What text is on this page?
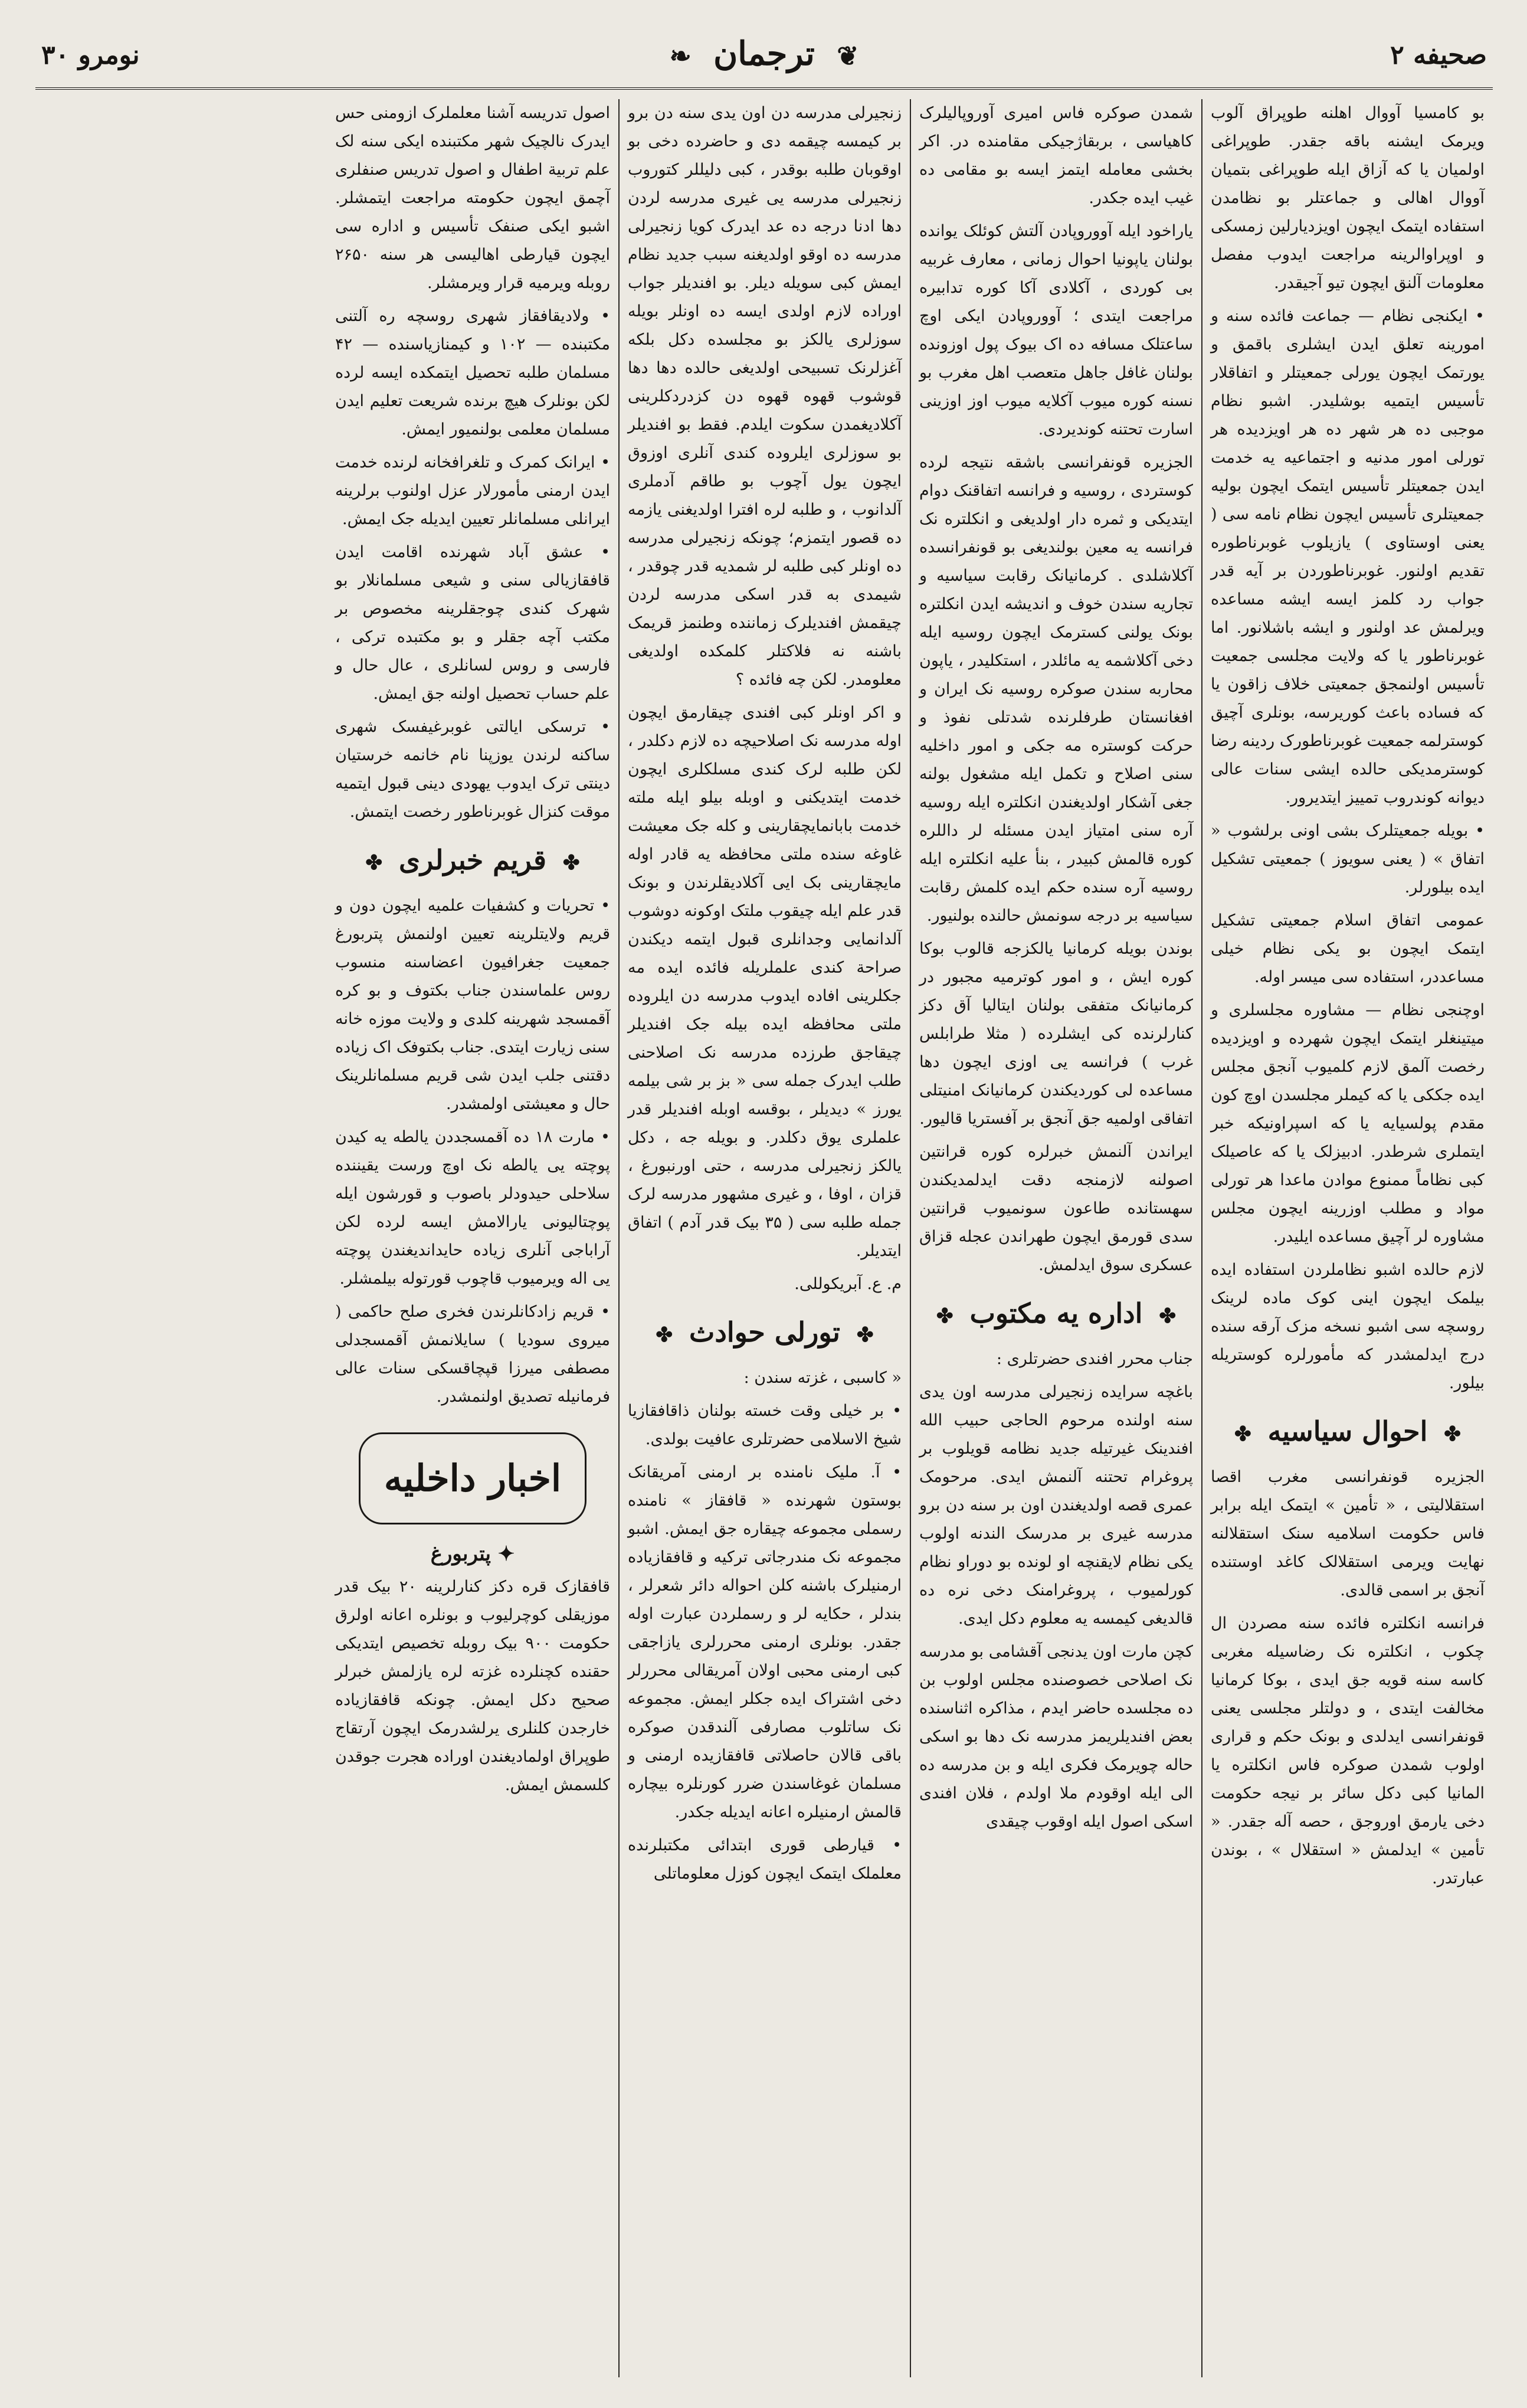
صحیفه ۲
❦ ترجمان ❧
نومرو ۳۰

بو کامسیا آووال اهلنه طوپراق آلوب ویرمک ایشنه باقه جقدر. طوپراغی اولمیان یا که آزاق ایله طوپراغی بتمیان آووال اهالی و جماعتلر بو نظامدن استفاده ایتمک ایچون اویزدیارلین زمسکی و اوپراوالرینه مراجعت ایدوب مفصل معلومات آلنق ایچون تیو آجیقدر.

• ایکنجی نظام — جماعت فائده سنه و امورینه تعلق ایدن ایشلری باقمق و یورتمک ایچون یورلی جمعیتلر و اتفاقلار تأسیس ایتمیه بوشلیدر. اشبو نظام موجبی ده هر شهر ده هر اویزدیده هر تورلی امور مدنیه و اجتماعیه یه خدمت ایدن جمعیتلر تأسیس ایتمک ایچون بولیه جمعیتلری تأسیس ایچون نظام نامه سی ( یعنی اوستاوی ) یازیلوب غوبرناطوره تقدیم اولنور. غوبرناطوردن بر آیه قدر جواب رد کلمز ایسه ایشه مساعده ویرلمش عد اولنور و ایشه باشلانور. اما غوبرناطور یا که ولایت مجلسی جمعیت تأسیس اولنمجق جمعیتی خلاف زاقون یا که فساده باعث کوریرسه، بونلری آچیق کوسترلمه جمعیت غوبرناطورک ردینه رضا کوسترمدیکی حالده ایشی سنات عالی دیوانه کوندروب تمییز ایتدیرور.

• بویله جمعیتلرک بشی اونی برلشوب « اتفاق » ( یعنی سویوز ) جمعیتی تشکیل ایده بیلورلر.

عمومی اتفاق اسلام جمعیتی تشکیل ایتمک ایچون بو یکی نظام خیلی مساعددر، استفاده سی میسر اوله.

اوچنجی نظام — مشاوره مجلسلری و میتینغلر ایتمک ایچون شهرده و اویزدیده رخصت آلمق لازم کلمیوب آنجق مجلس ایده جککی یا که کیملر مجلسدن اوچ کون مقدم پولسیایه یا که اسپراونیکه خبر ایتملری شرطدر. ادبیزلک یا که عاصیلک کبی نظاماً ممنوع موادن ماعدا هر تورلی مواد و مطلب اوزرینه ایچون مجلس مشاوره لر آچیق مساعده ایلیدر.

لازم حالده اشبو نظاملردن استفاده ایده بیلمک ایچون اینی کوک ماده لرینک روسچه سی اشبو نسخه مزک آرقه سنده درج ایدلمشدر که مأمورلره کوستریله بیلور.

✤ احوال سیاسیه ✤

الجزیره قونفرانسی مغرب اقصا استقلالیتی ، « تأمین » ایتمک ایله برابر فاس حکومت اسلامیه سنک استقلالنه نهایت ویرمی استقلالک کاغد اوستنده آنجق بر اسمی قالدی.

فرانسه انکلتره فائده سنه مصردن ال چکوب ، انکلتره نک رضاسیله مغربی کاسه سنه قویه جق ایدی ، بوکا کرمانیا مخالفت ایتدی ، و دولتلر مجلسی یعنی قونفرانسی ایدلدی و بونک حکم و قراری اولوب شمدن صوکره فاس انکلتره یا المانیا کبی دکل سائر بر نیجه حکومت دخی یارمق اوروجق ، حصه آله جقدر. « تأمین » ایدلمش « استقلال » ، بوندن عبارتدر.

شمدن صوکره فاس امیری آوروپالیلرک کاهیاسی ، بربقاژجیکی مقامنده در. اکر بخشی معامله ایتمز ایسه بو مقامی ده غیب ایده جکدر.

یاراخود ایله آووروپادن آلتش کوئلک یوانده بولنان یاپونیا احوال زمانی ، معارف غربیه بی کوردی ، آکلادی آکا کوره تدابیره مراجعت ایتدی ؛ آووروپادن ایکی اوچ ساعتلک مسافه ده اک بیوک پول اوزونده بولنان غافل جاهل متعصب اهل مغرب بو نسنه کوره میوب آکلایه میوب اوز اوزینی اسارت تحتنه کوندیردی.

الجزیره قونفرانسی باشقه نتیجه لرده کوستردی ، روسیه و فرانسه اتفاقنک دوام ایتدیکی و ثمره دار اولدیغی و انکلتره نک فرانسه یه معین بولندیغی بو قونفرانسده آکلاشلدی . کرمانیانک رقابت سیاسیه و تجاریه سندن خوف و اندیشه ایدن انکلتره بونک یولنی کسترمک ایچون روسیه ایله دخی آکلاشمه یه مائلدر ، استکلیدر ، یاپون محاربه سندن صوکره روسیه نک ایران و افغانستان طرفلرنده شدتلی نفوذ و حرکت کوستره مه جکی و امور داخلیه سنی اصلاح و تکمل ایله مشغول بولنه جغی آشکار اولدیغندن انکلتره ایله روسیه آره سنی امتیاز ایدن مسئله لر داللره کوره قالمش کبیدر ، بنأ علیه انکلتره ایله روسیه آره سنده حکم ایده کلمش رقابت سیاسیه بر درجه سونمش حالنده بولنیور.

بوندن بویله کرمانیا یالکزجه قالوب بوکا کوره ایش ، و امور کوترمیه مجبور در کرمانیانک متفقی بولنان ایتالیا آق دکز کنارلرنده کی ایشلرده ( مثلا طرابلس غرب ) فرانسه یی اوزی ایچون دها مساعده لی کوردیکندن کرمانیانک امنیتلی اتفاقی اولمیه جق آنجق بر آفستریا قالیور.

ایراندن آلنمش خبرلره کوره قرانتین اصولنه لازمنجه دقت ایدلمدیکندن سهستانده طاعون سونمیوب قرانتین سدی قورمق ایچون طهراندن عجله قزاق عسکری سوق ایدلمش.

✤ اداره یه مکتوب ✤

جناب محرر افندی حضرتلری :

باغچه سرایده زنجیرلی مدرسه اون یدی سنه اولنده مرحوم الحاجی حبیب الله افندینک غیرتیله جدید نظامه قویلوب بر پروغرام تحتنه آلنمش ایدی. مرحومک عمری قصه اولدیغندن اون بر سنه دن برو مدرسه غیری بر مدرسک الندنه اولوب یکی نظام لایقنچه او لونده بو دوراو نظام کورلمیوب ، پروغرامنک دخی نره ده قالدیغی کیمسه یه معلوم دکل ایدی.

کچن مارت اون یدنجی آقشامی بو مدرسه نک اصلاحی خصوصنده مجلس اولوب بن ده مجلسده حاضر ایدم ، مذاکره اثناسنده بعض افندیلریمز مدرسه نک دها بو اسکی حاله چویرمک فکری ایله و بن مدرسه ده الی ایله اوقودم ملا اولدم ، فلان افندی اسکی اصول ایله اوقوب چیقدی

زنجیرلی مدرسه دن اون یدی سنه دن برو بر کیمسه چیقمه دی و حاضرده دخی بو اوقوبان طلبه بوقدر ، کبی دلیللر کتوروب زنجیرلی مدرسه یی غیری مدرسه لردن دها ادنا درجه ده عد ایدرک کویا زنجیرلی مدرسه ده اوقو اولدیغنه سبب جدید نظام ایمش کبی سویله دیلر. بو افندیلر جواب اوراده لازم اولدی ایسه ده اونلر بویله سوزلری یالکز بو مجلسده دکل بلکه آغزلرنک تسبیحی اولدیغی حالده دها دها قوشوب قهوه قهوه دن کزدردکلرینی آکلادیغمدن سکوت ایلدم. فقط بو افندیلر بو سوزلری ایلروده کندی آنلری اوزوق ایچون یول آچوب بو طاقم آدملری آلدانوب ، و طلبه لره افترا اولدیغنی یازمه ده قصور ایتمزم؛ چونکه زنجیرلی مدرسه ده اونلر کبی طلبه لر شمدیه قدر چوقدر ، شیمدی به قدر اسکی مدرسه لردن چیقمش افندیلرک زماننده وطنمز قریمک باشنه نه فلاکتلر کلمکده اولدیغی معلومدر. لکن چه فائده ؟

و اکر اونلر کبی افندی چیقارمق ایچون اوله مدرسه نک اصلاحیچه ده لازم دکلدر ، لکن طلبه لرک کندی مسلکلری ایچون خدمت ایتدیکنی و اوبله بیلو ایله ملته خدمت بابانمایچقارینی و کله جک معیشت غاوغه سنده ملتی محافظه یه قادر اوله مایچقارینی بک ایی آکلادیقلرندن و بونک قدر علم ایله چیقوب ملتک اوکونه دوشوب آلدانمایی وجدانلری قبول ایتمه دیکندن صراحة کندی علملریله فائده ایده مه جکلرینی افاده ایدوب مدرسه دن ایلروده ملتی محافظه ایده بیله جک افندیلر چیقاجق طرزده مدرسه نک اصلاحنی طلب ایدرک جمله سی « بز بر شی بیلمه یورز » دیدیلر ، بوقسه اوبله افندیلر قدر علملری یوق دکلدر. و بویله جه ، دکل یالکز زنجیرلی مدرسه ، حتی اورنبورغ ، قزان ، اوفا ، و غیری مشهور مدرسه لرک جمله طلبه سی ( ۳۵ بیک قدر آدم ) اتفاق ایتدیلر.

م. ع. آبریکوللی.

✤ تورلی حوادث ✤

« کاسبی ، غزته سندن :

• بر خیلی وقت خسته بولنان ذاقافقازیا شیخ الاسلامی حضرتلری عافیت بولدی.

• آ. ملیک نامنده بر ارمنی آمریقانک بوستون شهرنده « قافقاز » نامنده رسملی مجموعه چیقاره جق ایمش. اشبو مجموعه نک مندرجاتی ترکیه و قافقازیاده ارمنیلرک باشنه کلن احواله دائر شعرلر ، بندلر ، حکایه لر و رسملردن عبارت اوله جقدر. بونلری ارمنی محررلری یازاجقی کبی ارمنی محبی اولان آمریقالی محررلر دخی اشتراک ایده جکلر ایمش. مجموعه نک ساتلوب مصارفی آلندقدن صوکره باقی قالان حاصلاتی قافقازیده ارمنی و مسلمان غوغاسندن ضرر کورنلره بیچاره قالمش ارمنیلره اعانه ایدیله جکدر.

• قیارطی قوری ابتدائی مکتبلرنده معلملک ایتمک ایچون کوزل معلوماتلی

اصول تدریسه آشنا معلملرک ازومنی حس ایدرک نالچیک شهر مکتبنده ایکی سنه لک علم تربیة اطفال و اصول تدریس صنفلری آچمق ایچون حکومته مراجعت ایتمشلر. اشبو ایکی صنفک تأسیس و اداره سی ایچون قیارطی اهالیسی هر سنه ۲۶۵۰ روبله ویرمیه قرار ویرمشلر.

• ولادیقافقاز شهری روسچه ره آلتنی مکتبنده — ۱۰۲ و کیمنازیاسنده — ۴۲ مسلمان طلبه تحصیل ایتمکده ایسه لرده لکن بونلرک هیچ برنده شریعت تعلیم ایدن مسلمان معلمی بولنمیور ایمش.

• ایرانک کمرک و تلغرافخانه لرنده خدمت ایدن ارمنی مأمورلار عزل اولنوب برلرینه ایرانلی مسلمانلر تعیین ایدیله جک ایمش.

• عشق آباد شهرنده اقامت ایدن قافقازیالی سنی و شیعی مسلمانلار بو شهرک کندی چوجقلرینه مخصوص بر مکتب آچه جقلر و بو مکتبده ترکی ، فارسی و روس لسانلری ، عال حال و علم حساب تحصیل اولنه جق ایمش.

• ترسکی ایالتی غوبرغیفسک شهری ساکنه لرندن یوزپنا نام خانمه خرستیان دینتی ترک ایدوب یهودی دینی قبول ایتمیه موقت کنزال غوبرناطور رخصت ایتمش.

✤ قریم خبرلری ✤

• تحریات و کشفیات علمیه ایچون دون و قریم ولایتلرینه تعیین اولنمش پتربورغ جمعیت جغرافیون اعضاسنه منسوب روس علماسندن جناب بکتوف و بو کره آقمسجد شهرینه کلدی و ولایت موزه خانه سنی زیارت ایتدی. جناب بکتوفک اک زیاده دقتنی جلب ایدن شی قریم مسلمانلرینک حال و معیشتی اولمشدر.

• مارت ۱۸ ده آقمسجددن یالطه یه کیدن پوچته یی یالطه نک اوچ ورست یقیننده سلاحلی حیدودلر باصوب و قورشون ایله پوچتالیونی یارالامش ایسه لرده لکن آراباجی آنلری زیاده حایداندیغندن پوچته یی اله ویرمیوب قاچوب قورتوله بیلمشلر.

• قریم زادکانلرندن فخری صلح حاکمی ( میروی سودیا ) سایلانمش آقمسجدلی مصطفی میرزا قپچاقسکی سنات عالی فرمانیله تصدیق اولنمشدر.

اخبار داخلیه
✦ پتربورغ

قافقازک قره دکز کنارلرینه ۲۰ بیک قدر موزیقلی کوچرلیوب و بونلره اعانه اولرق حکومت ۹۰۰ بیک روبله تخصیص ایتدیکی حقنده کچنلرده غزته لره یازلمش خبرلر صحیح دکل ایمش. چونکه قافقازیاده خارجدن کلنلری یرلشدرمک ایچون آرتقاج طوپراق اولمادیغندن اوراده هجرت جوقدن کلسمش ایمش.
